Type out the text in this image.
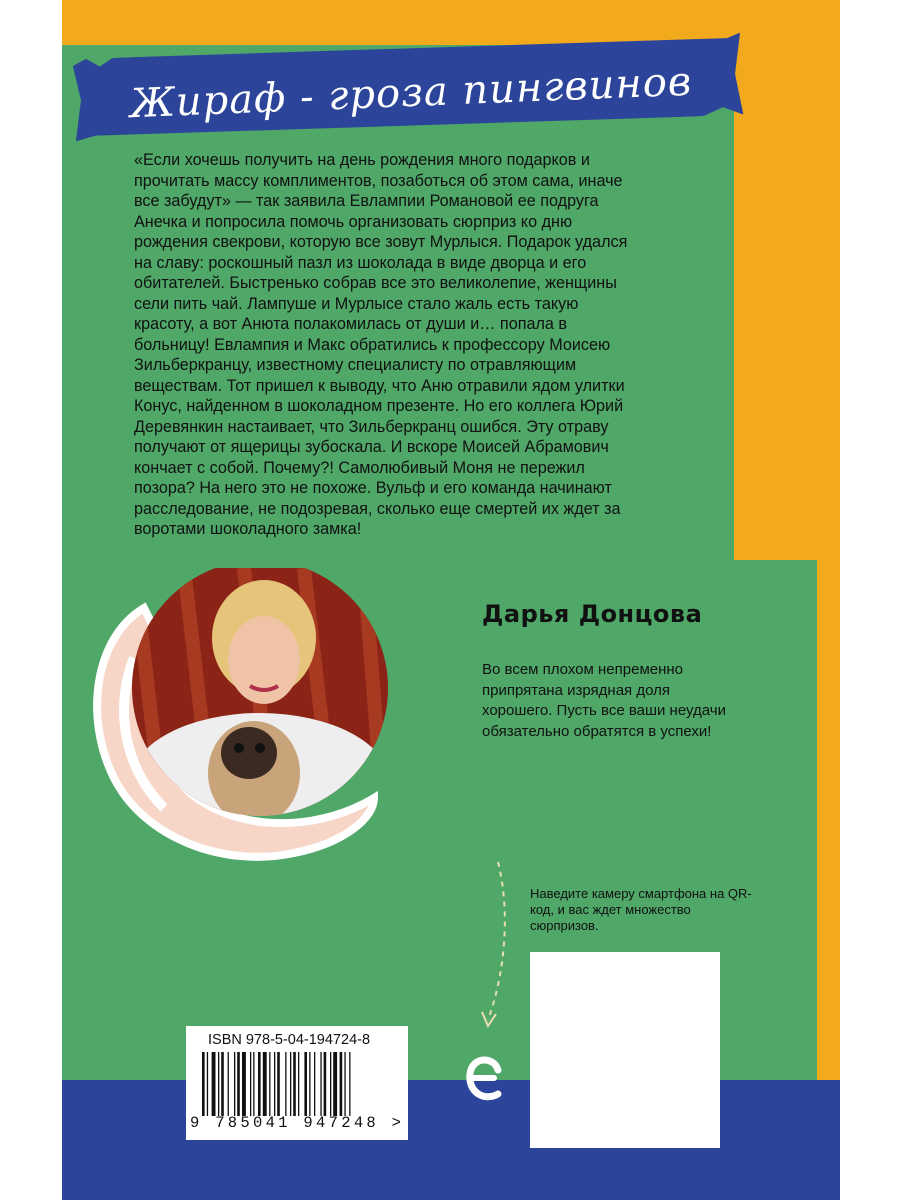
Жираф - гроза пингвинов

«Если хочешь получить на день рождения много подарков и прочитать массу комплиментов, позаботься об этом сама, иначе все забудут» — так заявила Евлампии Романовой ее подруга Анечка и попросила помочь организовать сюрприз ко дню рождения свекрови, которую все зовут Мурлыся. Подарок удался на славу: роскошный пазл из шоколада в виде дворца и его обитателей. Быстренько собрав все это великолепие, женщины сели пить чай. Лампуше и Мурлысе стало жаль есть такую красоту, а вот Анюта полакомилась от души и… попала в больницу! Евлампия и Макс обратились к профессору Моисею Зильберкранцу, известному специалисту по отравляющим веществам. Тот пришел к выводу, что Аню отравили ядом улитки Конус, найденном в шоколадном презенте. Но его коллега Юрий Деревянкин настаивает, что Зильберкранц ошибся. Эту отраву получают от ящерицы зубоскала. И вскоре Моисей Абрамович кончает с собой. Почему?! Самолюбивый Моня не пережил позора? На него это не похоже. Вульф и его команда начинают расследование, не подозревая, сколько еще смертей их ждет за воротами шоколадного замка!

Дарья Донцова

Во всем плохом непременно припрятана изрядная доля хорошего. Пусть все ваши неудачи обязательно обратятся в успехи!

Наведите камеру смартфона на QR-код, и вас ждет множество сюрпризов.

ISBN 978-5-04-194724-8
9 785041 947248 >
